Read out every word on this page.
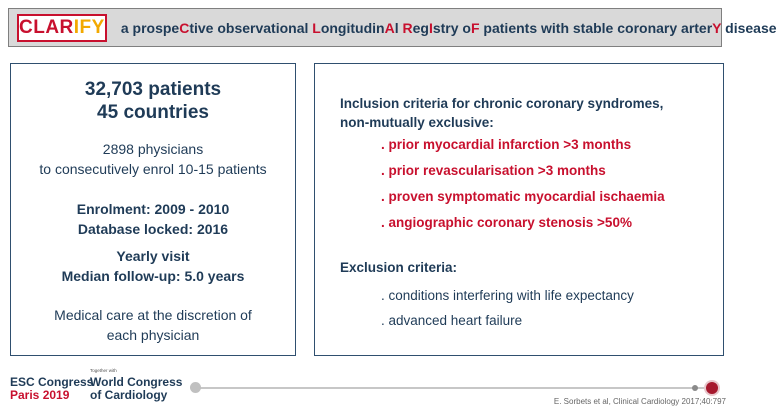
CLAR IFY a prospeCtive observational LongitudinAl RegIstry oF patients with stable coronary arterY disease
32,703 patients
45 countries
2898 physicians
to consecutively enrol 10-15 patients
Enrolment: 2009 - 2010
Database locked: 2016
Yearly visit
Median follow-up: 5.0 years
Medical care at the discretion of
each physician
Inclusion criteria for chronic coronary syndromes,
non-mutually exclusive:
. prior myocardial infarction >3 months
. prior revascularisation >3 months
. proven symptomatic myocardial ischaemia
. angiographic coronary stenosis >50%
Exclusion criteria:
. conditions interfering with life expectancy
. advanced heart failure
ESC Congress
Paris 2019
Together with
World Congress
of Cardiology	E. Sorbets et al, Clinical Cardiology 2017;40:797
